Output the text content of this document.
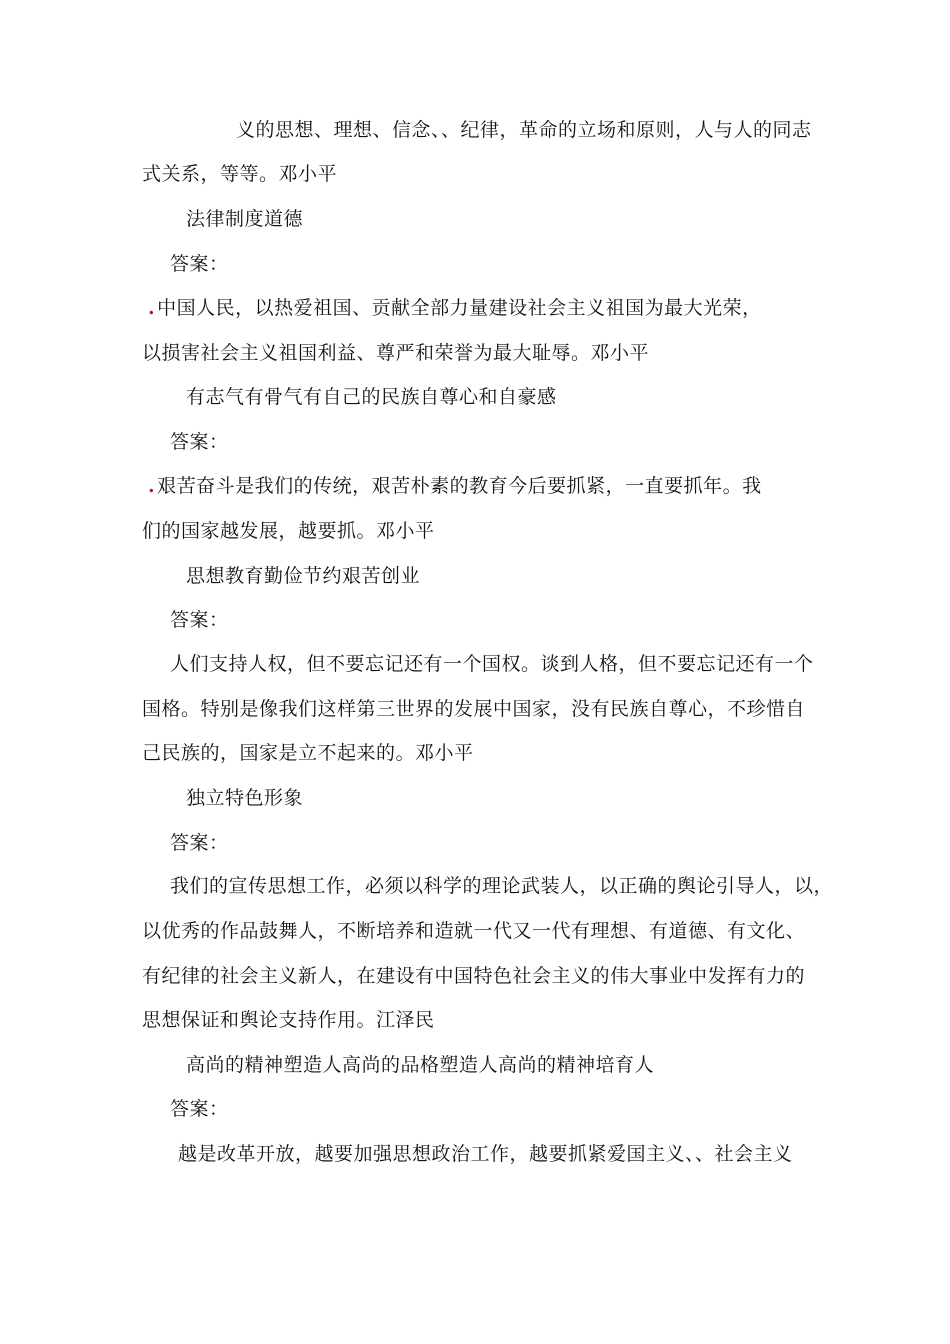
义的思想、理想、信念、、纪律，革命的立场和原则，人与人的同志
式关系，等等。邓小平
法律制度道德
答案：
. 中国人民，以热爱祖国、贡献全部力量建设社会主义祖国为最大光荣，
以损害社会主义祖国利益、尊严和荣誉为最大耻辱。邓小平
有志气有骨气有自己的民族自尊心和自豪感
答案：
. 艰苦奋斗是我们的传统，艰苦朴素的教育今后要抓紧，一直要抓年。我
们的国家越发展，越要抓。邓小平
思想教育勤俭节约艰苦创业
答案：
人们支持人权，但不要忘记还有一个国权。谈到人格，但不要忘记还有一个
国格。特别是像我们这样第三世界的发展中国家，没有民族自尊心，不珍惜自
己民族的，国家是立不起来的。邓小平
独立特色形象
答案：
我们的宣传思想工作，必须以科学的理论武装人，以正确的舆论引导人，以，
以优秀的作品鼓舞人，不断培养和造就一代又一代有理想、有道德、有文化、
有纪律的社会主义新人，在建设有中国特色社会主义的伟大事业中发挥有力的
思想保证和舆论支持作用。江泽民
高尚的精神塑造人高尚的品格塑造人高尚的精神培育人
答案：
越是改革开放，越要加强思想政治工作，越要抓紧爱国主义、、社会主义
